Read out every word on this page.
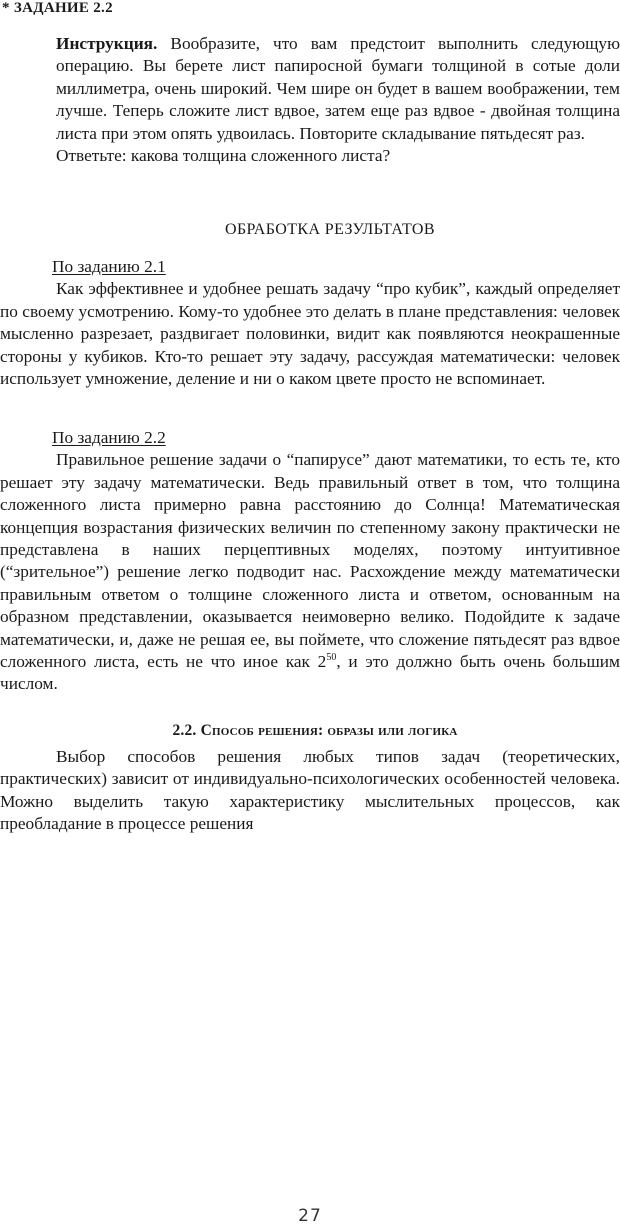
* ЗАДАНИЕ 2.2

Инструкция. Вообразите, что вам предстоит выполнить следующую операцию. Вы берете лист папиросной бумаги толщиной в сотые доли миллиметра, очень широкий. Чем шире он будет в вашем воображении, тем лучше. Теперь сложите лист вдвое, затем еще раз вдвое - двойная толщина листа при этом опять удвоилась. Повторите складывание пятьдесят раз.

Ответьте: какова толщина сложенного листа?

ОБРАБОТКА РЕЗУЛЬТАТОВ

По заданию 2.1

Как эффективнее и удобнее решать задачу “про кубик”, каждый определяет по своему усмотрению. Кому-то удобнее это делать в плане представления: человек мысленно разрезает, раздвигает половинки, видит как появляются неокрашенные стороны у кубиков. Кто-то решает эту задачу, рассуждая математически: человек использует умножение, деление и ни о каком цвете просто не вспоминает.

По заданию 2.2

Правильное решение задачи о “папирусе” дают математики, то есть те, кто решает эту задачу математически. Ведь правильный ответ в том, что толщина сложенного листа примерно равна расстоянию до Солнца! Математическая концепция возрастания физических величин по степенному закону практически не представлена в наших перцептивных моделях, поэтому интуитивное (“зрительное”) решение легко подводит нас. Расхождение между математически правильным ответом о толщине сложенного листа и ответом, основанным на образном представлении, оказывается неимоверно велико. Подойдите к задаче математически, и, даже не решая ее, вы поймете, что сложение пятьдесят раз вдвое сложенного листа, есть не что иное как $2^{50}$, и это должно быть очень большим числом.

2.2. Способ решения: образы или логика

Выбор способов решения любых типов задач (теоретических, практических) зависит от индивидуально-психологических особенностей человека. Можно выделить такую характеристику мыслительных процессов, как преобладание в процессе решения

27
